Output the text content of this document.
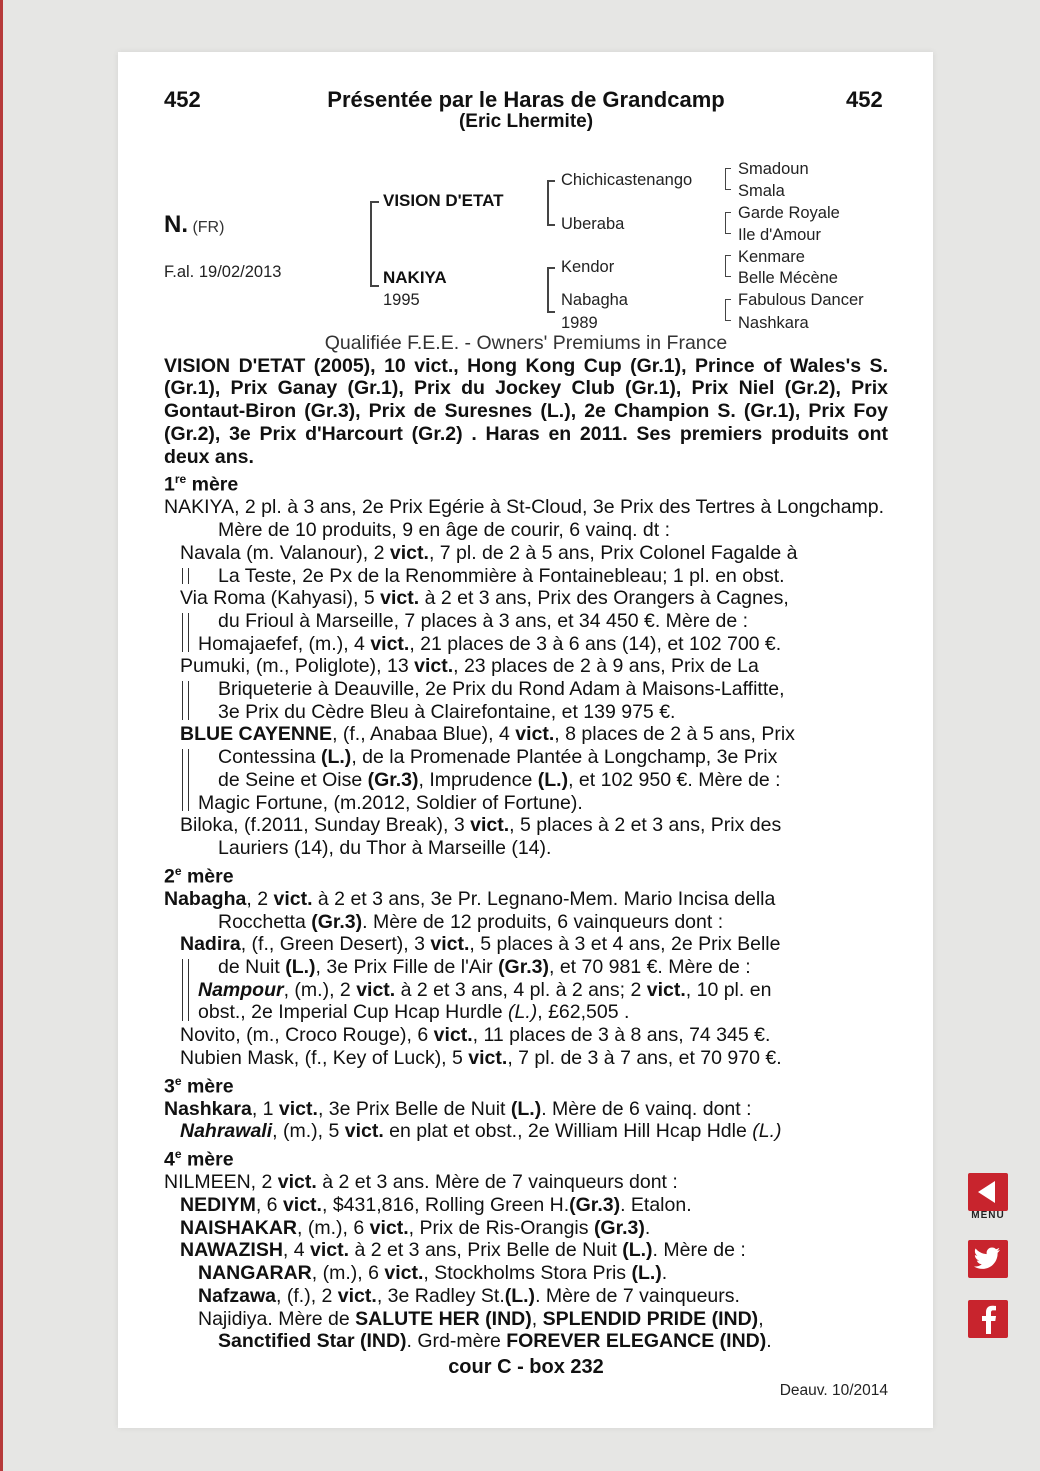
452	Présentée par le Haras de Grandcamp
(Eric Lhermite)
452
N. (FR)
F.al. 19/02/2013
VISION D'ETAT
NAKIYA
1995
Chichicastenango
Uberaba
Kendor
Nabagha
1989
Smadoun
Smala
Garde Royale
Ile d'Amour
Kenmare
Belle Mécène
Fabulous Dancer
Nashkara

Qualifiée F.E.E. - Owners' Premiums in France

VISION D'ETAT (2005), 10 vict., Hong Kong Cup (Gr.1), Prince of Wales's S. (Gr.1), Prix Ganay (Gr.1), Prix du Jockey Club (Gr.1), Prix Niel (Gr.2), Prix Gontaut-Biron (Gr.3), Prix de Suresnes (L.), 2e Champion S. (Gr.1), Prix Foy (Gr.2), 3e Prix d'Harcourt (Gr.2) . Haras en 2011. Ses premiers produits ont deux ans.

1re mère

NAKIYA, 2 pl. à 3 ans, 2e Prix Egérie à St-Cloud, 3e Prix des Tertres à Longchamp. Mère de 10 produits, 9 en âge de courir, 6 vainq. dt :

Navala (m. Valanour), 2 vict., 7 pl. de 2 à 5 ans, Prix Colonel Fagalde à

La Teste, 2e Px de la Renommière à Fontainebleau; 1 pl. en obst.

Via Roma (Kahyasi), 5 vict. à 2 et 3 ans, Prix des Orangers à Cagnes,

du Frioul à Marseille, 7 places à 3 ans, et 34 450 €. Mère de :

Homajaefef, (m.), 4 vict., 21 places de 3 à 6 ans (14), et 102 700 €.

Pumuki, (m., Poliglote), 13 vict., 23 places de 2 à 9 ans, Prix de La

Briqueterie à Deauville, 2e Prix du Rond Adam à Maisons-Laffitte,

3e Prix du Cèdre Bleu à Clairefontaine, et 139 975 €.

BLUE CAYENNE, (f., Anabaa Blue), 4 vict., 8 places de 2 à 5 ans, Prix

Contessina (L.), de la Promenade Plantée à Longchamp, 3e Prix

de Seine et Oise (Gr.3), Imprudence (L.), et 102 950 €. Mère de :

Magic Fortune, (m.2012, Soldier of Fortune).

Biloka, (f.2011, Sunday Break), 3 vict., 5 places à 2 et 3 ans, Prix des

Lauriers (14), du Thor à Marseille (14).

2e mère

Nabagha, 2 vict. à 2 et 3 ans, 3e Pr. Legnano-Mem. Mario Incisa della

Rocchetta (Gr.3). Mère de 12 produits, 6 vainqueurs dont :

Nadira, (f., Green Desert), 3 vict., 5 places à 3 et 4 ans, 2e Prix Belle

de Nuit (L.), 3e Prix Fille de l'Air (Gr.3), et 70 981 €. Mère de :

Nampour, (m.), 2 vict. à 2 et 3 ans, 4 pl. à 2 ans; 2 vict., 10 pl. en

obst., 2e Imperial Cup Hcap Hurdle (L.), £62,505 .

Novito, (m., Croco Rouge), 6 vict., 11 places de 3 à 8 ans, 74 345 €.

Nubien Mask, (f., Key of Luck), 5 vict., 7 pl. de 3 à 7 ans, et 70 970 €.

3e mère

Nashkara, 1 vict., 3e Prix Belle de Nuit (L.). Mère de 6 vainq. dont :

Nahrawali, (m.), 5 vict. en plat et obst., 2e William Hill Hcap Hdle (L.)

4e mère

NILMEEN, 2 vict. à 2 et 3 ans. Mère de 7 vainqueurs dont :

NEDIYM, 6 vict., $431,816, Rolling Green H.(Gr.3). Etalon.

NAISHAKAR, (m.), 6 vict., Prix de Ris-Orangis (Gr.3).

NAWAZISH, 4 vict. à 2 et 3 ans, Prix Belle de Nuit (L.). Mère de :

NANGARAR, (m.), 6 vict., Stockholms Stora Pris (L.).

Nafzawa, (f.), 2 vict., 3e Radley St.(L.). Mère de 7 vainqueurs.

Najidiya. Mère de SALUTE HER (IND), SPLENDID PRIDE (IND),

Sanctified Star (IND). Grd-mère FOREVER ELEGANCE (IND).

cour C - box 232
Deauv. 10/2014
MENU
